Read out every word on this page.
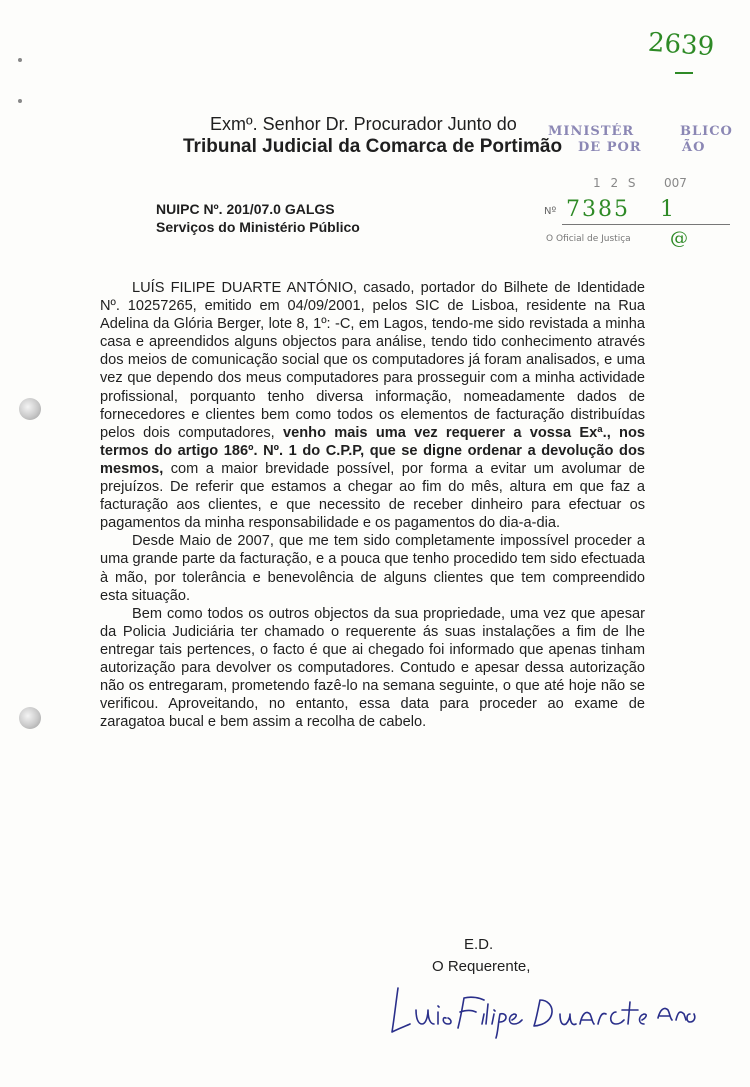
2639
Exmº. Senhor Dr. Procurador Junto do
Tribunal Judicial da Comarca de Portimão
MINISTÉR	BLICO
DE POR	ÃO
1 2 S 007
Nº 7385 1
O Oficial de Justiça @
NUIPC Nº. 201/07.0 GALGS
Serviços do Ministério Público

LUÍS FILIPE DUARTE ANTÓNIO, casado, portador do Bilhete de Identidade Nº. 10257265, emitido em 04/09/2001, pelos SIC de Lisboa, residente na Rua Adelina da Glória Berger, lote 8, 1º: -C, em Lagos, tendo-me sido revistada a minha casa e apreendidos alguns objectos para análise, tendo tido conhecimento através dos meios de comunicação social que os computadores já foram analisados, e uma vez que dependo dos meus computadores para prosseguir com a minha actividade profissional, porquanto tenho diversa informação, nomeadamente dados de fornecedores e clientes bem como todos os elementos de facturação distribuídas pelos dois computadores, venho mais uma vez requerer a vossa Exª., nos termos do artigo 186º. Nº. 1 do C.P.P, que se digne ordenar a devolução dos mesmos, com a maior brevidade possível, por forma a evitar um avolumar de prejuízos. De referir que estamos a chegar ao fim do mês, altura em que faz a facturação aos clientes, e que necessito de receber dinheiro para efectuar os pagamentos da minha responsabilidade e os pagamentos do dia-a-dia.

Desde Maio de 2007, que me tem sido completamente impossível proceder a uma grande parte da facturação, e a pouca que tenho procedido tem sido efectuada à mão, por tolerância e benevolência de alguns clientes que tem compreendido esta situação.

Bem como todos os outros objectos da sua propriedade, uma vez que apesar da Policia Judiciária ter chamado o requerente ás suas instalações a fim de lhe entregar tais pertences, o facto é que ai chegado foi informado que apenas tinham autorização para devolver os computadores. Contudo e apesar dessa autorização não os entregaram, prometendo fazê-lo na semana seguinte, o que até hoje não se verificou. Aproveitando, no entanto, essa data para proceder ao exame de zaragatoa bucal e bem assim a recolha de cabelo.

E.D.
O Requerente,
